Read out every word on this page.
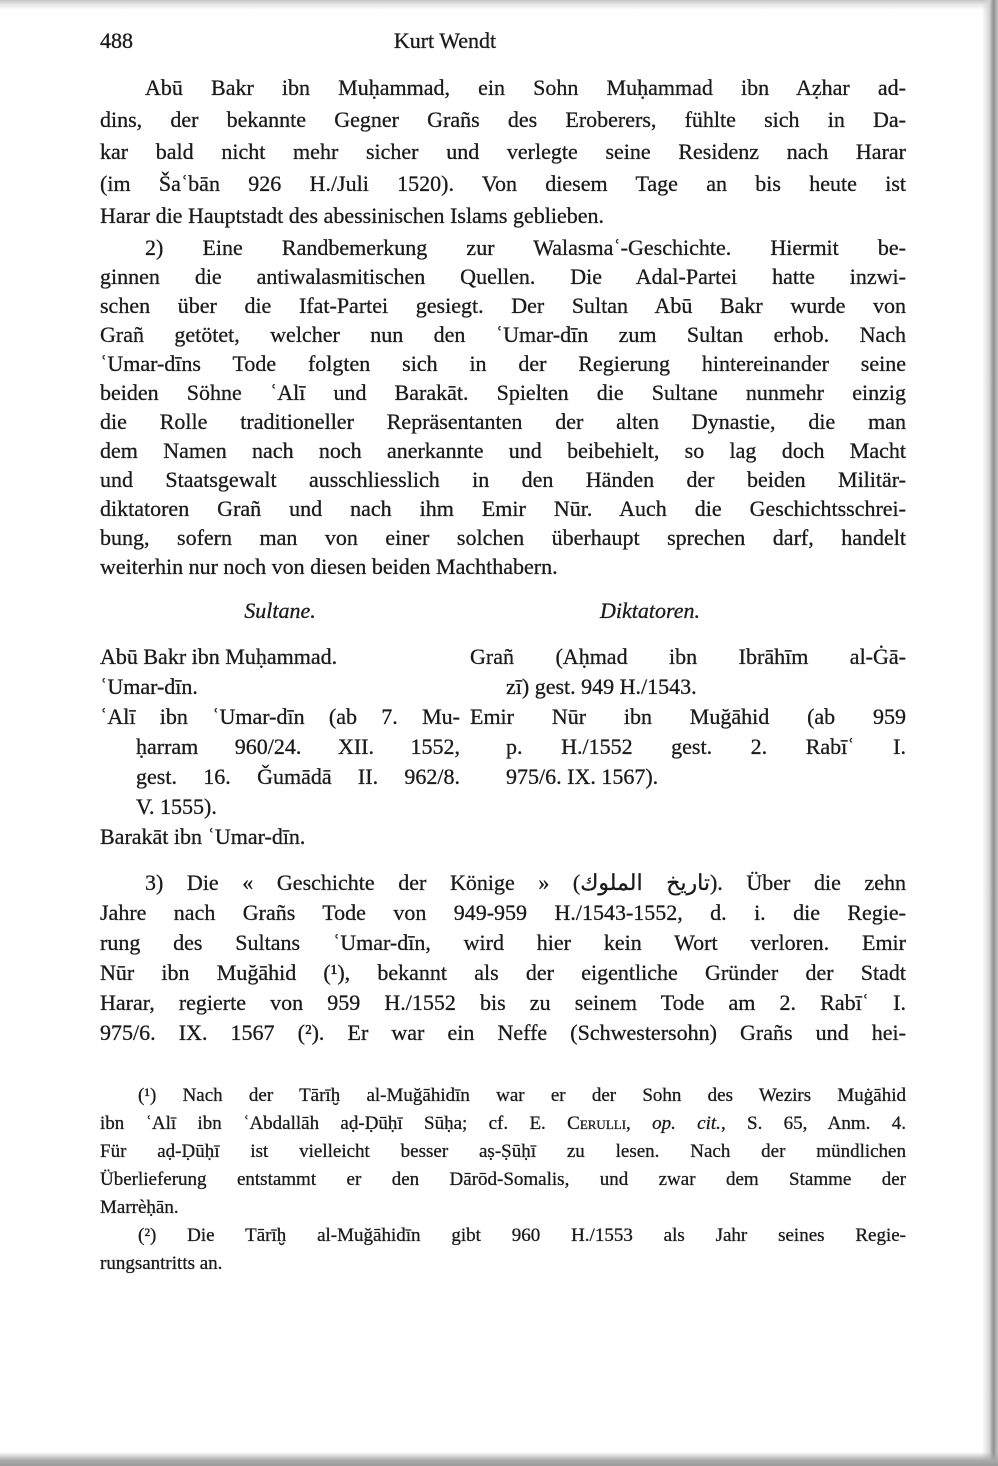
488	Kurt Wendt
Abū Bakr ibn Muḥammad, ein Sohn Muḥammad ibn Aẓhar ad-
dins, der bekannte Gegner Grañs des Eroberers, fühlte sich in Da-
kar bald nicht mehr sicher und verlegte seine Residenz nach Harar
(im Šaʿbān 926 H./Juli 1520). Von diesem Tage an bis heute ist
Harar die Hauptstadt des abessinischen Islams geblieben.
2) Eine Randbemerkung zur Walasmaʿ-Geschichte. Hiermit be-
ginnen die antiwalasmitischen Quellen. Die Adal-Partei hatte inzwi-
schen über die Ifat-Partei gesiegt. Der Sultan Abū Bakr wurde von
Grañ getötet, welcher nun den ʿUmar-dīn zum Sultan erhob. Nach
ʿUmar-dīns Tode folgten sich in der Regierung hintereinander seine
beiden Söhne ʿAlī und Barakāt. Spielten die Sultane nunmehr einzig
die Rolle traditioneller Repräsentanten der alten Dynastie, die man
dem Namen nach noch anerkannte und beibehielt, so lag doch Macht
und Staatsgewalt ausschliesslich in den Händen der beiden Militär-
diktatoren Grañ und nach ihm Emir Nūr. Auch die Geschichtsschrei-
bung, sofern man von einer solchen überhaupt sprechen darf, handelt
weiterhin nur noch von diesen beiden Machthabern.
Sultane.	Diktatoren.
Abū Bakr ibn Muḥammad.
ʿUmar-dīn.
ʿAlī ibn ʿUmar-dīn (ab 7. Mu-
ḥarram 960/24. XII. 1552,
gest. 16. Ǧumādā II. 962/8.
V. 1555).
Barakāt ibn ʿUmar-dīn.
Grañ (Aḥmad ibn Ibrāhīm al-Ġā-
zī) gest. 949 H./1543.
Emir Nūr ibn Muğāhid (ab 959
p. H./1552 gest. 2. Rabīʿ I.
975/6. IX. 1567).
3) Die « Geschichte der Könige » (تاريخ الملوك). Über die zehn
Jahre nach Grañs Tode von 949-959 H./1543-1552, d. i. die Regie-
rung des Sultans ʿUmar-dīn, wird hier kein Wort verloren. Emir
Nūr ibn Muğāhid (¹), bekannt als der eigentliche Gründer der Stadt
Harar, regierte von 959 H./1552 bis zu seinem Tode am 2. Rabīʿ I.
975/6. IX. 1567 (²). Er war ein Neffe (Schwestersohn) Grañs und hei-
(¹) Nach der Tārīḫ al-Muğāhidīn war er der Sohn des Wezirs Muġāhid
ibn ʿAlī ibn ʿAbdallāh aḍ-Ḍūḥī Sūḥa; cf. E. Cerulli, op. cit., S. 65, Anm. 4.
Für aḍ-Ḍūḥī ist vielleicht besser aṣ-Ṣūḥī zu lesen. Nach der mündlichen
Überlieferung entstammt er den Dārōd-Somalis, und zwar dem Stamme der
Marrèḥān.
(²) Die Tārīḫ al-Muğāhidīn gibt 960 H./1553 als Jahr seines Regie-
rungsantritts an.
